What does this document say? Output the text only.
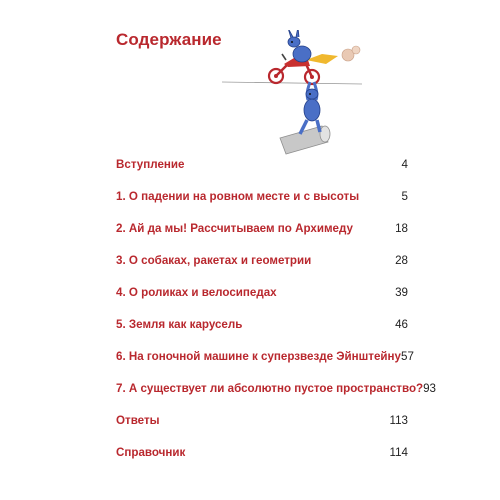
Содержание
Вступление	4
1. О падении на ровном месте и с высоты	5
2. Ай да мы! Рассчитываем по Архимеду	18
3. О собаках, ракетах и геометрии	28
4. О роликах и велосипедах	39
5. Земля как карусель	46
6. На гоночной машине к суперзвезде Эйнштейну 57
7. А существует ли абсолютно пустое пространство? 93
Ответы	113
Справочник	114
